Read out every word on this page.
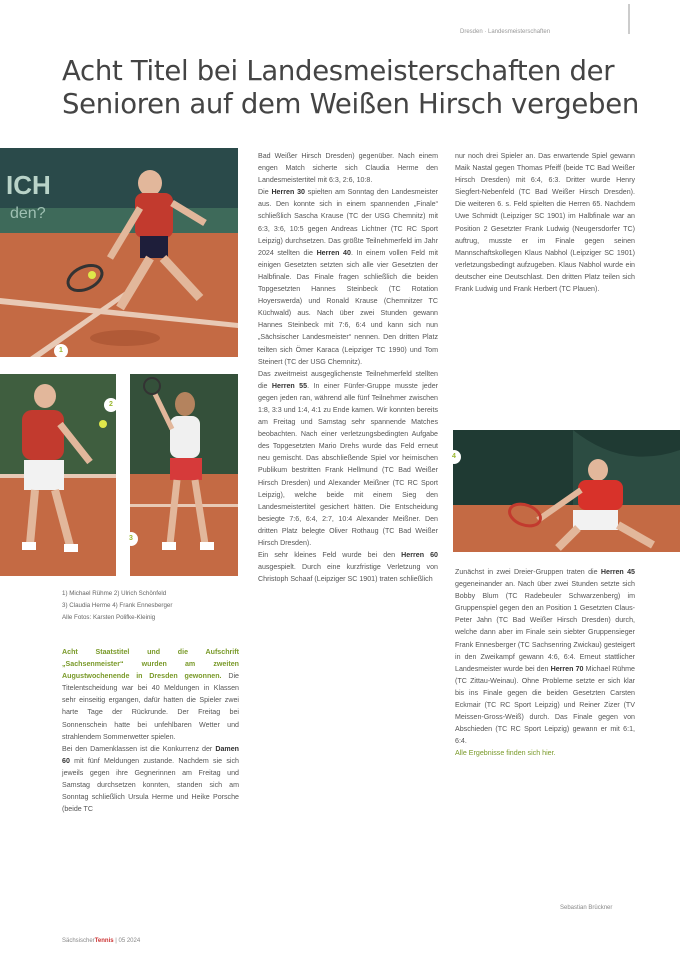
Dresden · Landesmeisterschaften
Acht Titel bei Landesmeisterschaften der
Senioren auf dem Weißen Hirsch vergeben
ICH
den?
1
2
3
4
1) Michael Rühme 2) Ulrich Schönfeld
3) Claudia Herme 4) Frank Ennesberger
Alle Fotos: Karsten Polifke-Kleinig

Acht Staatstitel und die Aufschrift „Sachsenmeister“ wurden am zweiten Augustwochenende in Dresden gewonnen. Die Titelentscheidung war bei 40 Meldungen in Klassen sehr einseitig ergangen, dafür hatten die Spieler zwei harte Tage der Rückrunde. Der Freitag bei Sonnenschein hatte bei unfehlbaren Wetter und strahlendem Sommerwetter spielen.

Bei den Damenklassen ist die Konkurrenz der Damen 60 mit fünf Meldungen zustande. Nachdem sie sich jeweils gegen ihre Gegnerinnen am Freitag und Samstag durchsetzen konnten, standen sich am Sonntag schließlich Ursula Herme und Heike Porsche (beide TC

Bad Weißer Hirsch Dresden) gegenüber. Nach einem engen Match sicherte sich Claudia Herme den Landesmeistertitel mit 6:3, 2:6, 10:8.

Die Herren 30 spielten am Sonntag den Landesmeister aus. Den konnte sich in einem spannenden „Finale“ schließlich Sascha Krause (TC der USG Chemnitz) mit 6:3, 3:6, 10:5 gegen Andreas Lichtner (TC RC Sport Leipzig) durchsetzen. Das größte Teilnehmerfeld im Jahr 2024 stellten die Herren 40. In einem vollen Feld mit einigen Gesetzten setzten sich alle vier Gesetzten der Halbfinale. Das Finale fragen schließlich die beiden Topgesetzten Hannes Steinbeck (TC Rotation Hoyerswerda) und Ronald Krause (Chemnitzer TC Küchwald) aus. Nach über zwei Stunden gewann Hannes Steinbeck mit 7:6, 6:4 und kann sich nun „Sächsischer Landesmeister“ nennen. Den dritten Platz teilten sich Ömer Karaca (Leipziger TC 1990) und Tom Steinert (TC der USG Chemnitz).

Das zweitmeist ausgeglichenste Teilnehmerfeld stellten die Herren 55. In einer Fünfer-Gruppe musste jeder gegen jeden ran, während alle fünf Teilnehmer zwischen 1:8, 3:3 und 1:4, 4:1 zu Ende kamen. Wir konnten bereits am Freitag und Samstag sehr spannende Matches beobachten. Nach einer verletzungsbedingten Aufgabe des Topgesetzten Mario Drehs wurde das Feld erneut neu gemischt. Das abschließende Spiel vor heimischen Publikum bestritten Frank Hellmund (TC Bad Weißer Hirsch Dresden) und Alexander Meißner (TC RC Sport Leipzig), welche beide mit einem Sieg den Landesmeistertitel gesichert hätten. Die Entscheidung besiegte 7:6, 6:4, 2:7, 10:4 Alexander Meißner. Den dritten Platz belegte Oliver Rothaug (TC Bad Weißer Hirsch Dresden).

Ein sehr kleines Feld wurde bei den Herren 60 ausgespielt. Durch eine kurzfristige Verletzung von Christoph Schaaf (Leipziger SC 1901) traten schließlich

nur noch drei Spieler an. Das erwartende Spiel gewann Maik Nastal gegen Thomas Pfeiff (beide TC Bad Weißer Hirsch Dresden) mit 6:4, 6:3. Dritter wurde Henry Siegfert-Nebenfeld (TC Bad Weißer Hirsch Dresden). Die weiteren 6. s. Feld spielten die Herren 65. Nachdem Uwe Schmidt (Leipziger SC 1901) im Halbfinale war an Position 2 Gesetzter Frank Ludwig (Neugersdorfer TC) auftrug, musste er im Finale gegen seinen Mannschaftskollegen Klaus Nabhol (Leipziger SC 1901) verletzungsbedingt aufzugeben. Klaus Nabhol wurde ein deutscher eine Deutschlast. Den dritten Platz teilen sich Frank Ludwig und Frank Herbert (TC Plauen).

Zunächst in zwei Dreier-Gruppen traten die Herren 45 gegeneinander an. Nach über zwei Stunden setzte sich Bobby Blum (TC Radebeuler Schwarzenberg) im Gruppenspiel gegen den an Position 1 Gesetzten Claus-Peter Jahn (TC Bad Weißer Hirsch Dresden) durch, welche dann aber im Finale sein siebter Gruppensieger Frank Ennesberger (TC Sachsenring Zwickau) gesteigert in den Zweikampf gewann 4:6, 6:4. Erneut stattlicher Landesmeister wurde bei den Herren 70 Michael Rühme (TC Zittau-Weinau). Ohne Probleme setzte er sich klar bis ins Finale gegen die beiden Gesetzten Carsten Eckmair (TC RC Sport Leipzig) und Reiner Zizer (TV Meissen-Gross-Weiß) durch. Das Finale gegen von Abschieden (TC RC Sport Leipzig) gewann er mit 6:1, 6:4.

Alle Ergebnisse finden sich hier.

Sebastian Brückner
SächsischerTennis | 05 2024
